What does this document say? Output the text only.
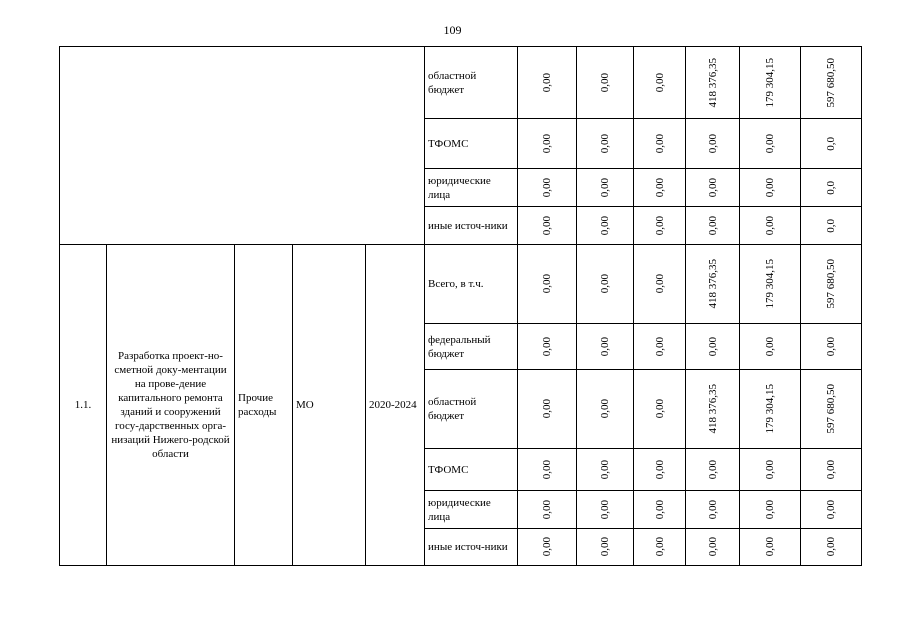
109
					областной бюджет	0,00	0,00	0,00	418 376,35	179 304,15	597 680,50

					ТФОМС	0,00	0,00	0,00	0,00	0,00	0,0

					юридические лица	0,00	0,00	0,00	0,00	0,00	0,0

					иные источ-ники	0,00	0,00	0,00	0,00	0,00	0,0

1.1.	Разработка проект-но-сметной доку-ментации на прове-дение капитального ремонта зданий и сооружений госу-дарственных орга-низаций Нижего-родской области	Прочие расходы	МО	2020-2024	Всего, в т.ч.	0,00	0,00	0,00	418 376,35	179 304,15	597 680,50

					федеральный бюджет	0,00	0,00	0,00	0,00	0,00	0,00

					областной бюджет	0,00	0,00	0,00	418 376,35	179 304,15	597 680,50

					ТФОМС	0,00	0,00	0,00	0,00	0,00	0,00

					юридические лица	0,00	0,00	0,00	0,00	0,00	0,00

					иные источ-ники	0,00	0,00	0,00	0,00	0,00	0,00
